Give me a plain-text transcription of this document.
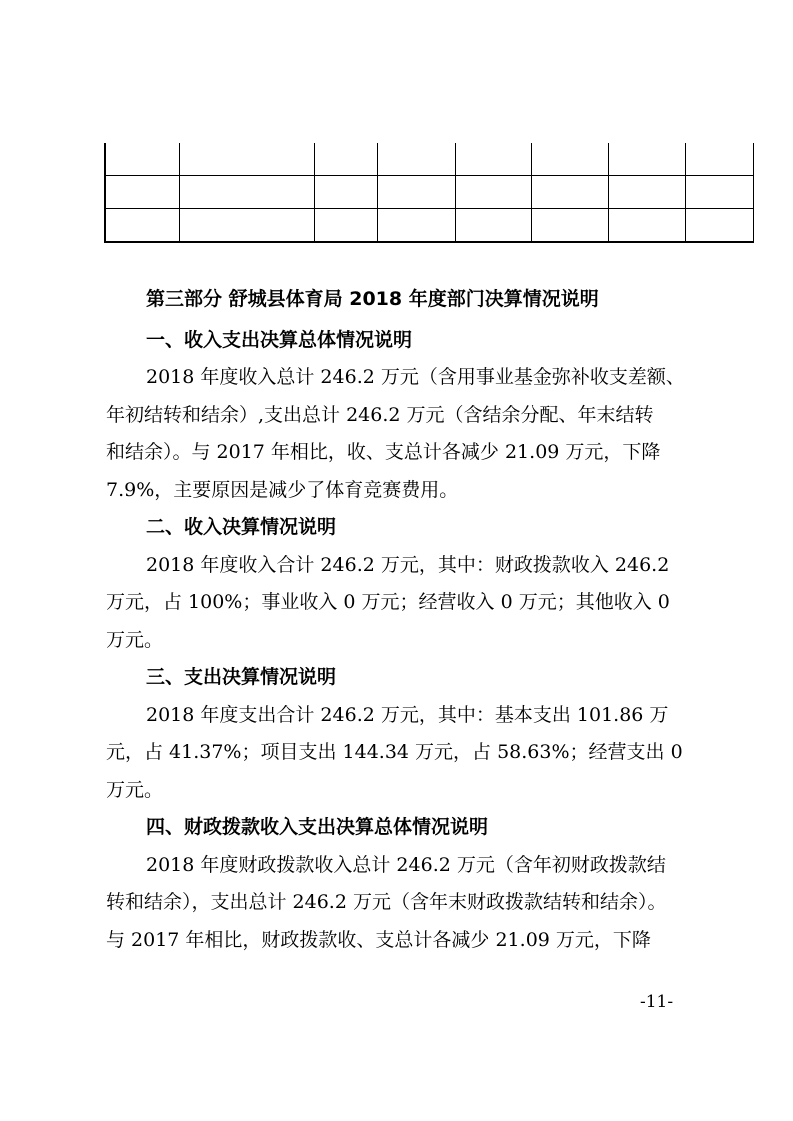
第三部分 舒城县体育局 2018 年度部门决算情况说明
一、收入支出决算总体情况说明
2018 年度收入总计 246.2 万元（含用事业基金弥补收支差额、
年初结转和结余）,支出总计 246.2 万元（含结余分配、年末结转
和结余）。与 2017 年相比，收、支总计各减少 21.09 万元，下降
7.9%，主要原因是减少了体育竞赛费用。
二、收入决算情况说明
2018 年度收入合计 246.2 万元，其中：财政拨款收入 246.2
万元，占 100%；事业收入 0 万元；经营收入 0 万元；其他收入 0
万元。
三、支出决算情况说明
2018 年度支出合计 246.2 万元，其中：基本支出 101.86 万
元，占 41.37%；项目支出 144.34 万元，占 58.63%；经营支出 0
万元。
四、财政拨款收入支出决算总体情况说明
2018 年度财政拨款收入总计 246.2 万元（含年初财政拨款结
转和结余），支出总计 246.2 万元（含年末财政拨款结转和结余）。
与 2017 年相比，财政拨款收、支总计各减少 21.09 万元，下降
-11-
